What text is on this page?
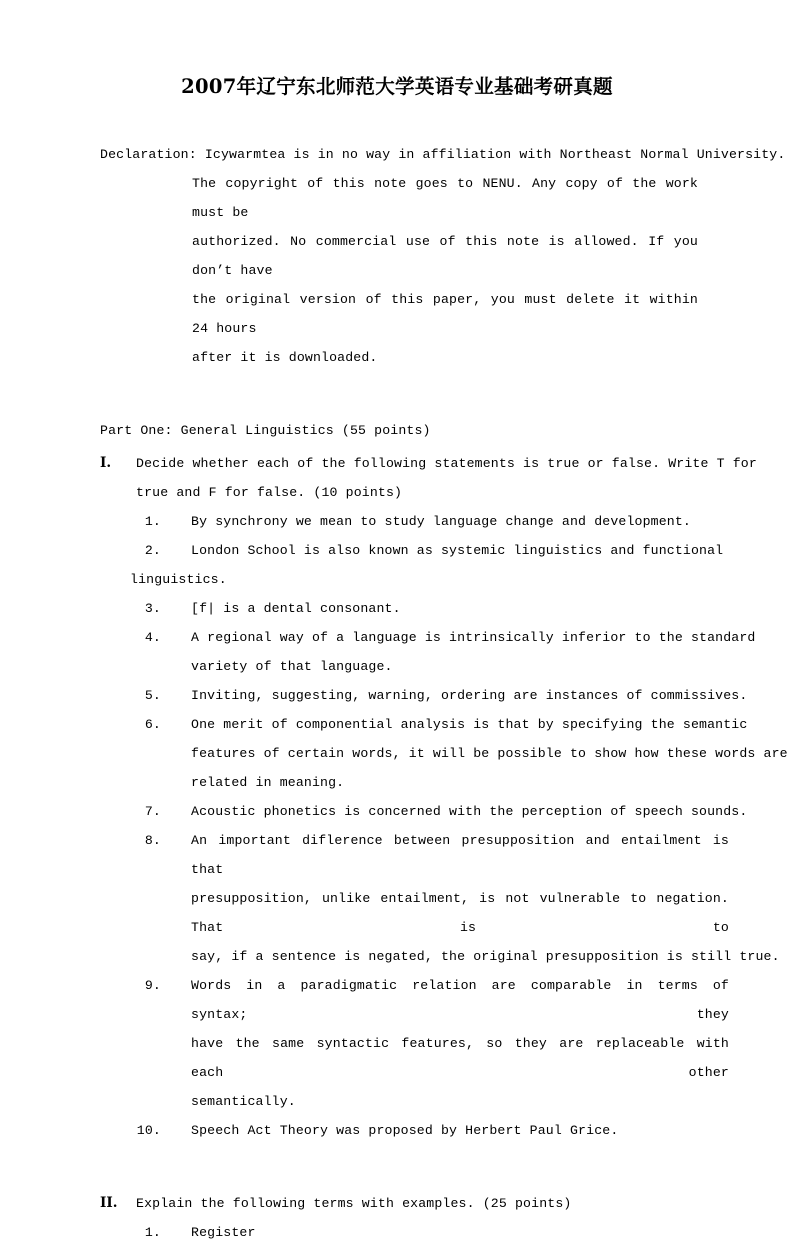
2007年辽宁东北师范大学英语专业基础考研真题
Declaration: Icywarmtea is in no way in affiliation with Northeast Normal University.
The copyright of this note goes to NENU. Any copy of the work must be
authorized. No commercial use of this note is allowed. If you don’t have
the original version of this paper, you must delete it within 24 hours
after it is downloaded.
Part One: General Linguistics (55 points)
I.	Decide whether each of the following statements is true or false. Write T for
true and F for false. (10 points)
1. By synchrony we mean to study language change and development.
2. London School is also known as systemic linguistics and functional
linguistics.
3. [f| is a dental consonant.
4. A regional way of a language is intrinsically inferior to the standard
variety of that language.
5. Inviting, suggesting, warning, ordering are instances of commissives.
6. One merit of componential analysis is that by specifying the semantic
features of certain words, it will be possible to show how these words are
related in meaning.
7. Acoustic phonetics is concerned with the perception of speech sounds.
8. An important diflerence between presupposition and entailment is that
presupposition, unlike entailment, is not vulnerable to negation. That is to
say, if a sentence is negated, the original presupposition is still true.
9. Words in a paradigmatic relation are comparable in terms of syntax; they
have the same syntactic features, so they are replaceable with each other
semantically.
10. Speech Act Theory was proposed by Herbert Paul Grice.
II.	Explain the following terms with examples. (25 points)
1. Register
